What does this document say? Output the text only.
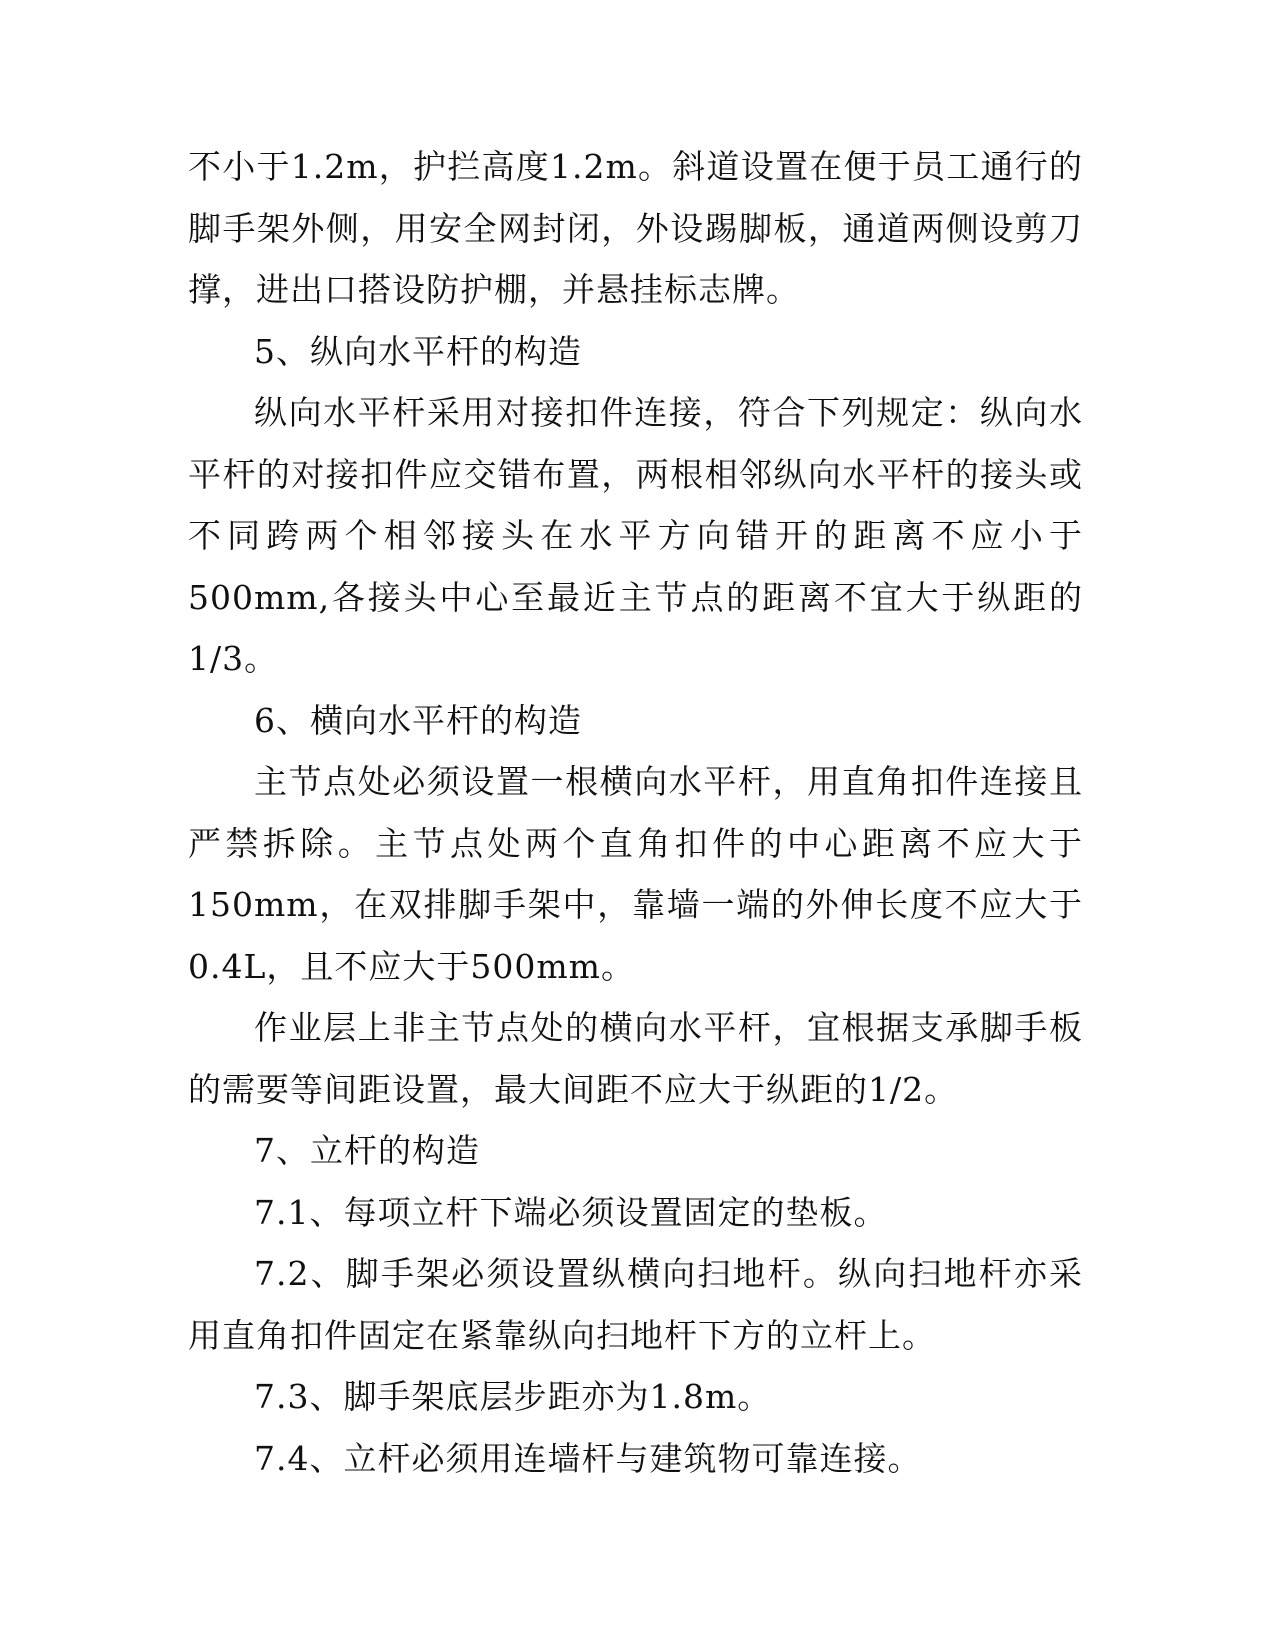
不小于1.2m，护拦高度1.2m。斜道设置在便于员工通行的脚手架外侧，用安全网封闭，外设踢脚板，通道两侧设剪刀撑，进出口搭设防护棚，并悬挂标志牌。

5、纵向水平杆的构造

纵向水平杆采用对接扣件连接，符合下列规定：纵向水平杆的对接扣件应交错布置，两根相邻纵向水平杆的接头或不同跨两个相邻接头在水平方向错开的距离不应小于500mm,各接头中心至最近主节点的距离不宜大于纵距的1/3。

6、横向水平杆的构造

主节点处必须设置一根横向水平杆，用直角扣件连接且严禁拆除。主节点处两个直角扣件的中心距离不应大于150mm，在双排脚手架中，靠墙一端的外伸长度不应大于0.4L，且不应大于500mm。

作业层上非主节点处的横向水平杆，宜根据支承脚手板的需要等间距设置，最大间距不应大于纵距的1/2。

7、立杆的构造

7.1、每项立杆下端必须设置固定的垫板。

7.2、脚手架必须设置纵横向扫地杆。纵向扫地杆亦采用直角扣件固定在紧靠纵向扫地杆下方的立杆上。

7.3、脚手架底层步距亦为1.8m。

7.4、立杆必须用连墙杆与建筑物可靠连接。
